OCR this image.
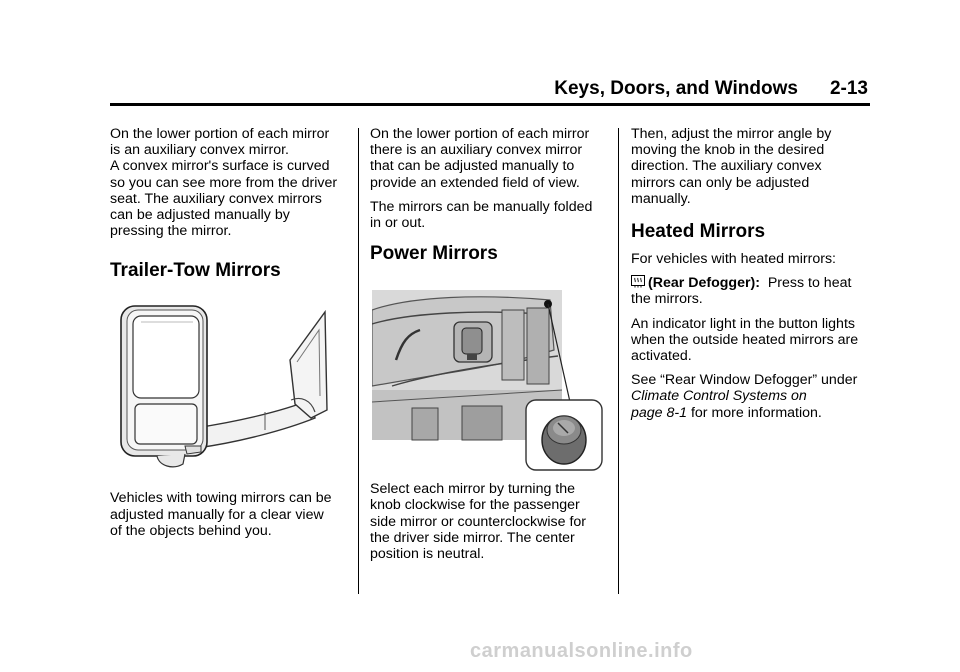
Keys, Doors, and Windows 2-13

On the lower portion of each mirror
is an auxiliary convex mirror.
A convex mirror's surface is curved
so you can see more from the driver
seat. The auxiliary convex mirrors
can be adjusted manually by
pressing the mirror.

Trailer-Tow Mirrors

Vehicles with towing mirrors can be
adjusted manually for a clear view
of the objects behind you.

On the lower portion of each mirror
there is an auxiliary convex mirror
that can be adjusted manually to
provide an extended field of view.

The mirrors can be manually folded
in or out.

Power Mirrors

Select each mirror by turning the
knob clockwise for the passenger
side mirror or counterclockwise for
the driver side mirror. The center
position is neutral.

Then, adjust the mirror angle by
moving the knob in the desired
direction. The auxiliary convex
mirrors can only be adjusted
manually.

Heated Mirrors

For vehicles with heated mirrors:

(Rear Defogger): Press to heat
the mirrors.

An indicator light in the button lights
when the outside heated mirrors are
activated.

See “Rear Window Defogger” under
Climate Control Systems on
page 8-1 for more information.

carmanualsonline.info
